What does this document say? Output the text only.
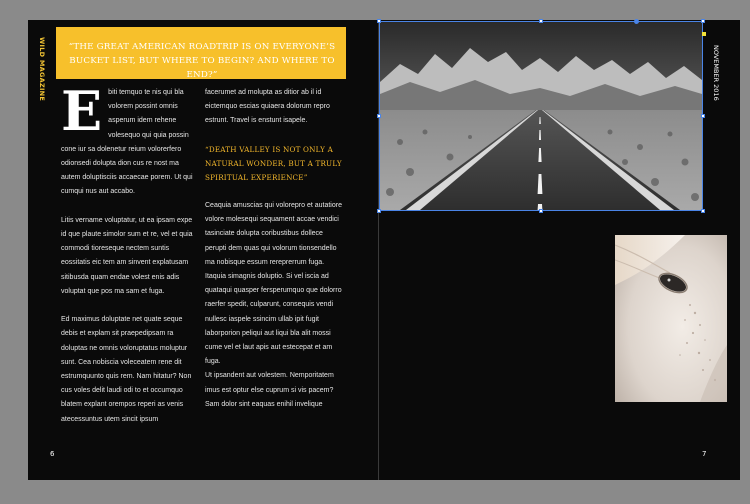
WILD MAGAZINE	“THE GREAT AMERICAN ROADTRIP IS ON EVERYONE’S BUCKET LIST, BUT WHERE TO BEGIN? AND WHERE TO END?”

E biti temquo te nis qui bla volorem possint omnis asperum idem rehene volesequo qui quia possin cone iur sa dolenetur reium volorerfero odionsedi dolupta dion cus re nost ma autem doluptisciis accaecae porem. Ut qui cumqui nus aut accabo.

Litis vername voluptatur, ut ea ipsam expe id que plaute simolor sum et re, vel et quia commodi tioreseque nectem suntis eossitatis eic tem am sinvent explatusam sitibusda quam endae volest enis adis voluptat que pos ma sam et fuga.

Ed maximus doluptate net quate seque debis et explam sit praepedipsam ra doluptas ne omnis voloruptatus moluptur sunt. Cea nobiscia voleceatem rene dit estrumquunto quis rem. Nam hitatur? Non cus voles delit laudi odi to et occumquo blatem explant orempos reperi as venis atecessuntus utem sincit ipsum

facerumet ad molupta as ditior ab il id eictemquo escias quiaera dolorum repro estrunt. Travel is enstunt isapele.

“DEATH VALLEY IS NOT ONLY A NATURAL WONDER, BUT A TRULY SPIRITUAL EXPERIENCE”

Ceaquia amuscias qui volorepro et autatiore volore molesequi sequament accae vendici tasinciate dolupta coribustibus dollece perupti dem quas qui volorum tionsendello ma nobisque essum rereprerrum fuga. Itaquia simagnis doluptio. Si vel iscia ad quataqui quasper fersperumquo que dolorro raerfer spedit, culparunt, consequis vendi nullesc iaspele ssincim ullab ipit fugit laborporion peliqui aut liqui bla alit mossi cume vel et laut apis aut estecepat et am fuga.

Ut ipsandent aut volestem. Nemporitatem imus est optur else cuprum si vis pacem?

Sam dolor sint eaquas enihil invelique

6
NOVEMBER 2016
7
